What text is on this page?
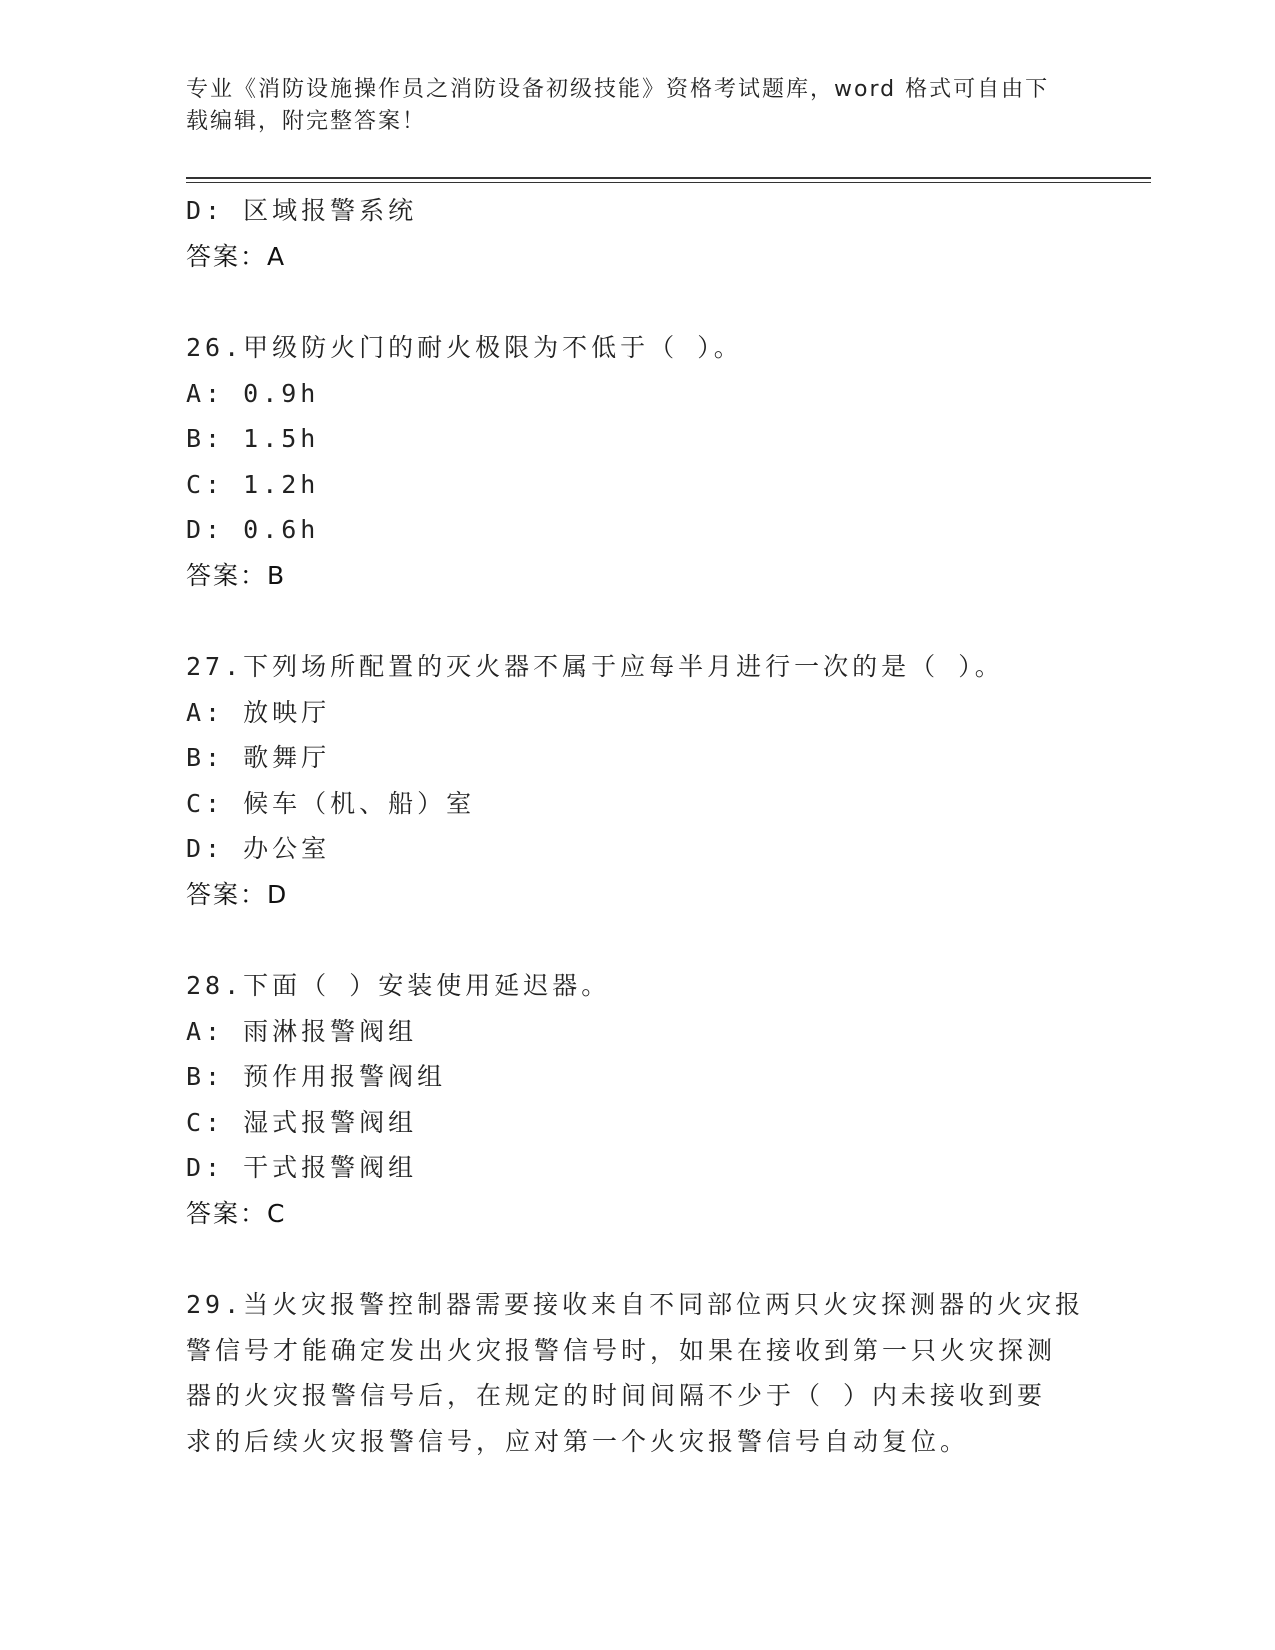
专业《消防设施操作员之消防设备初级技能》资格考试题库，word 格式可自由下
载编辑，附完整答案！
D: 区域报警系统
答案：A
26.甲级防火门的耐火极限为不低于（ ）。
A: 0.9h
B: 1.5h
C: 1.2h
D: 0.6h
答案：B
27.下列场所配置的灭火器不属于应每半月进行一次的是（ ）。
A: 放映厅
B: 歌舞厅
C: 候车（机、船）室
D: 办公室
答案：D
28.下面（ ）安装使用延迟器。
A: 雨淋报警阀组
B: 预作用报警阀组
C: 湿式报警阀组
D: 干式报警阀组
答案：C
29.当火灾报警控制器需要接收来自不同部位两只火灾探测器的火灾报
警信号才能确定发出火灾报警信号时，如果在接收到第一只火灾探测
器的火灾报警信号后，在规定的时间间隔不少于（ ）内未接收到要
求的后续火灾报警信号，应对第一个火灾报警信号自动复位。
